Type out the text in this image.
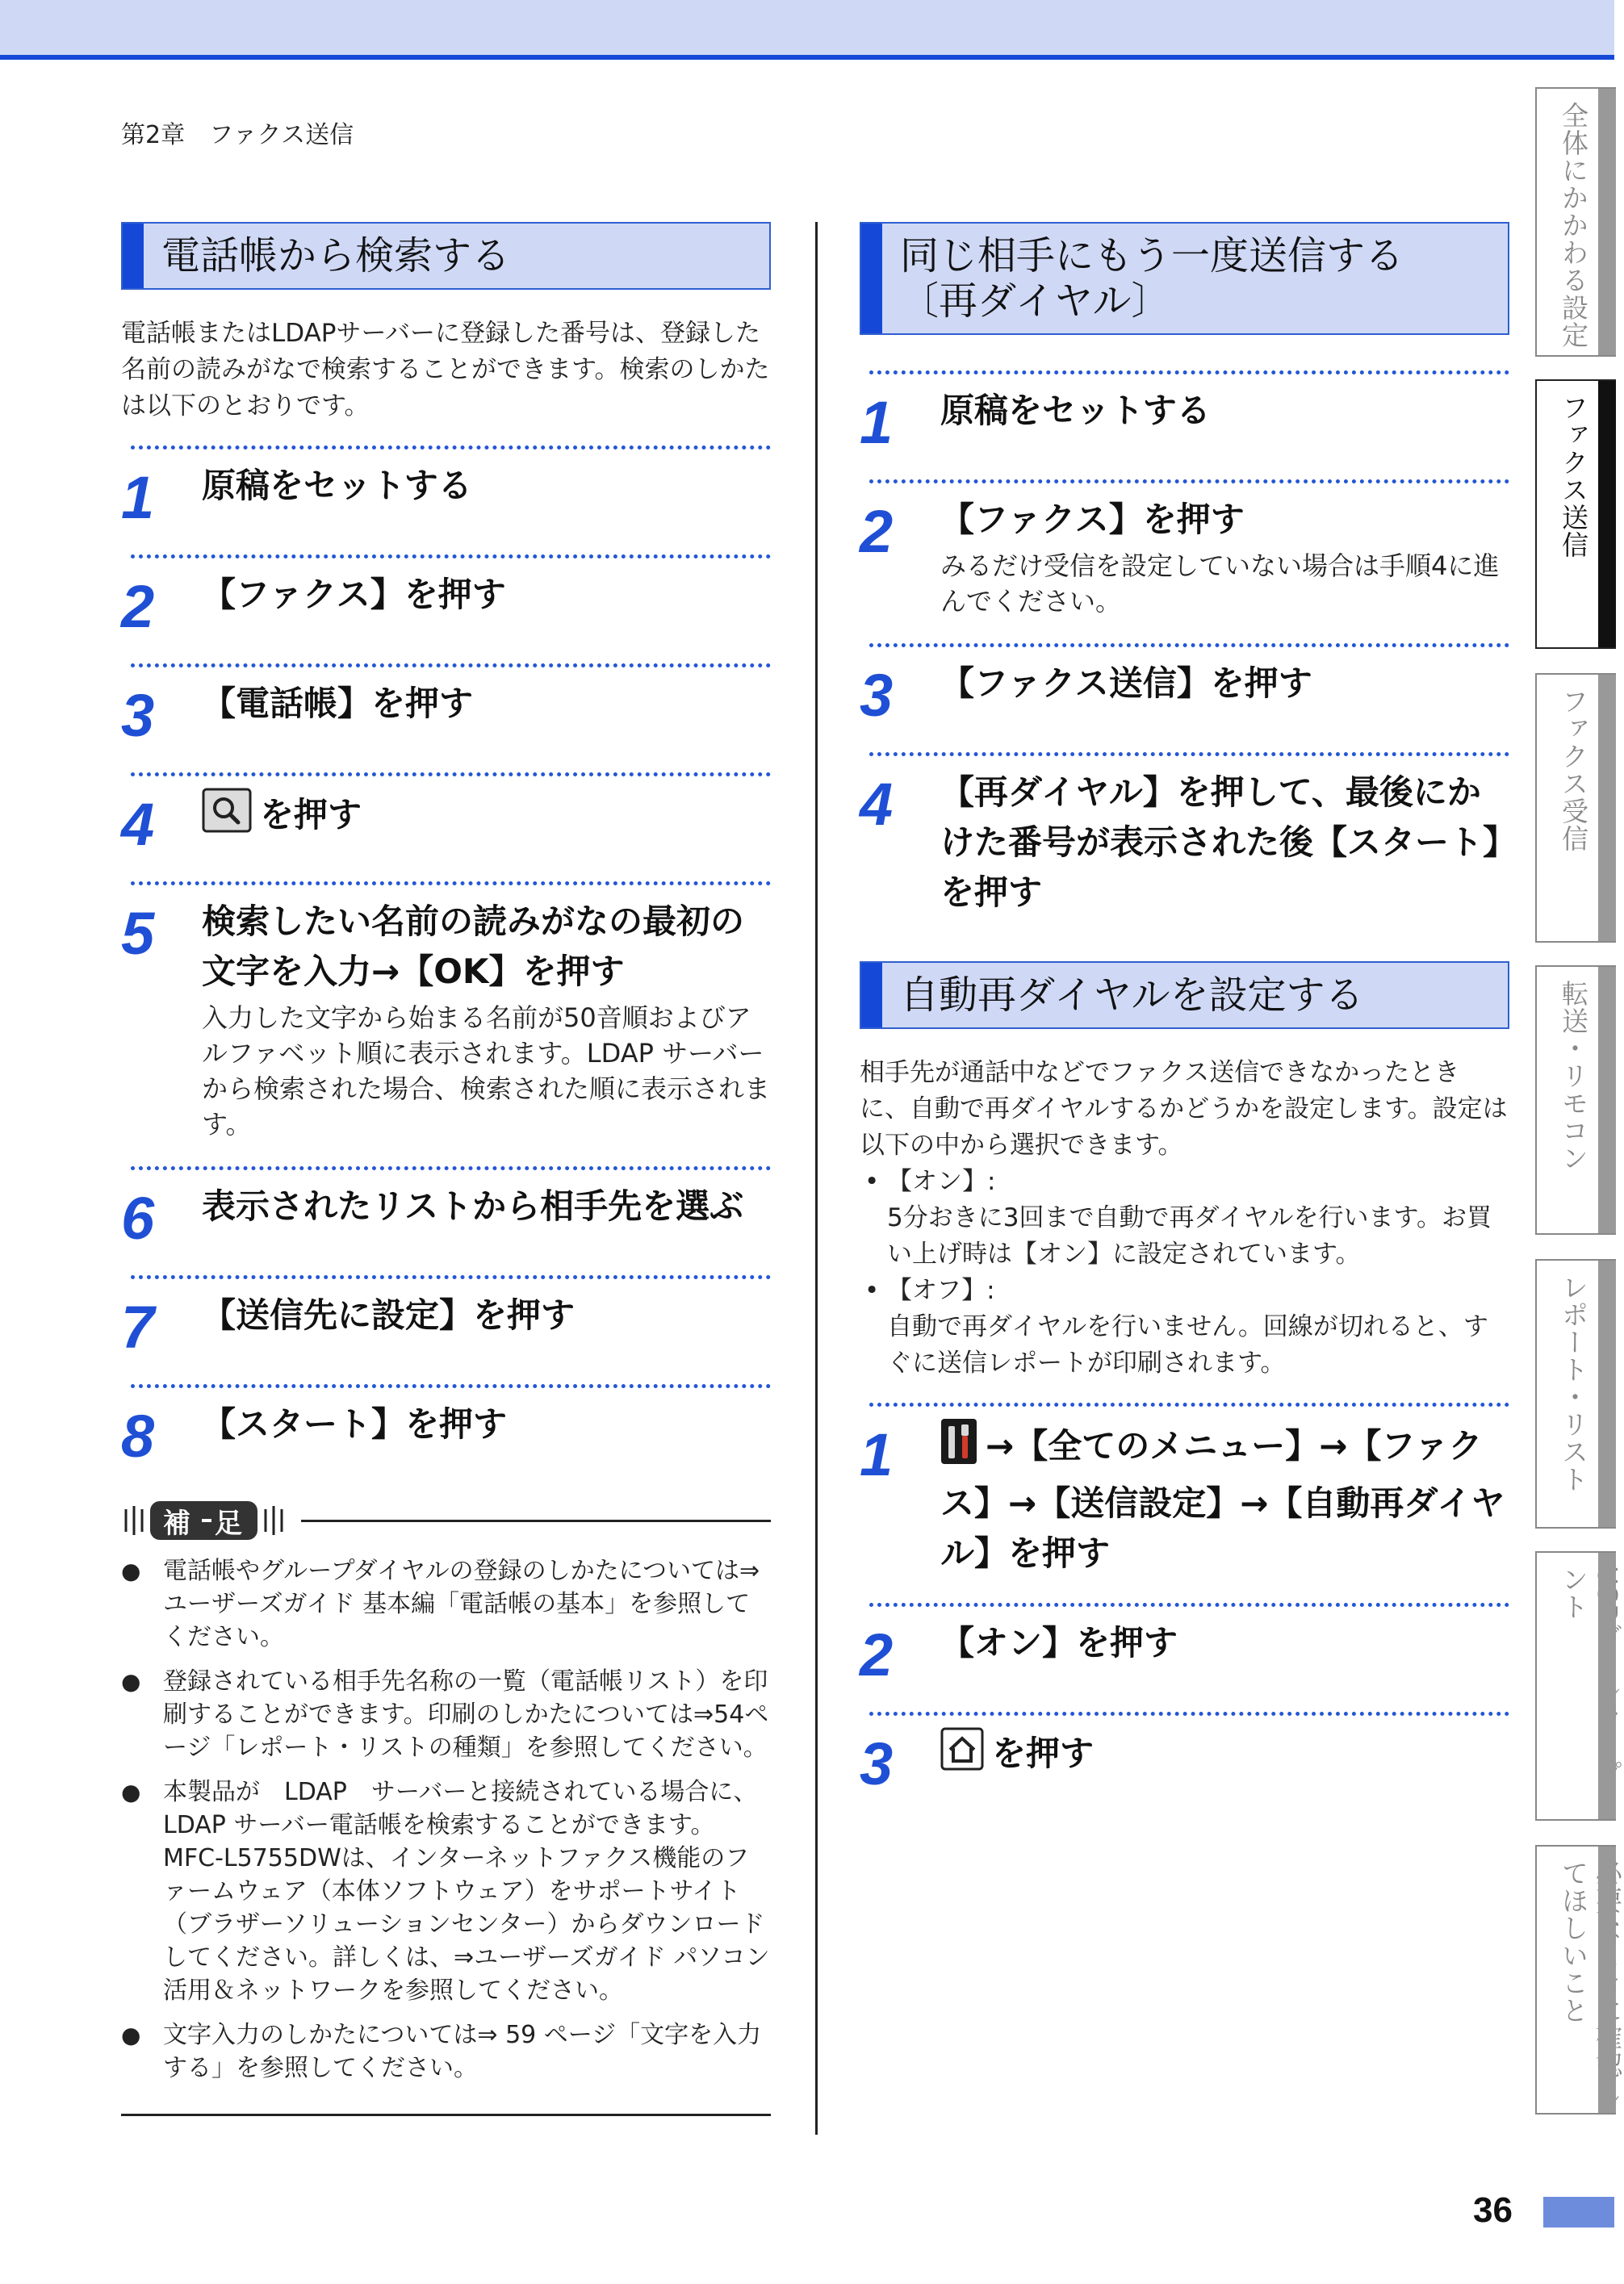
第2章　ファクス送信
電話帳から検索する
電話帳またはLDAPサーバーに登録した番号は、登録した名前の読みがなで検索することができます。検索のしかたは以下のとおりです。
1	原稿をセットする
2	【ファクス】を押す
3	【電話帳】を押す
4	を押す
5	検索したい名前の読みがなの最初の文字を入力→【OK】を押す
入力した文字から始まる名前が50音順およびアルファベット順に表示されます。LDAP サーバーから検索された場合、検索された順に表示されます。
6	表示されたリストから相手先を選ぶ
7	【送信先に設定】を押す
8	【スタート】を押す
補足
● 電話帳やグループダイヤルの登録のしかたについては⇒ユーザーズガイド 基本編「電話帳の基本」を参照してください。
● 登録されている相手先名称の一覧（電話帳リスト）を印刷することができます。印刷のしかたについては⇒54ページ「レポート・リストの種類」を参照してください。
● 本製品が　LDAP　サーバーと接続されている場合に、LDAP サーバー電話帳を検索することができます。MFC-L5755DWは、インターネットファクス機能のファームウェア（本体ソフトウェア）をサポートサイト（ブラザーソリューションセンター）からダウンロードしてください。詳しくは、⇒ユーザーズガイド パソコン活用＆ネットワークを参照してください。
● 文字入力のしかたについては⇒ 59 ページ「文字を入力する」を参照してください。
同じ相手にもう一度送信する
〔再ダイヤル〕
1	原稿をセットする
2	【ファクス】を押す
みるだけ受信を設定していない場合は手順4に進んでください。
3	【ファクス送信】を押す
4	【再ダイヤル】を押して、最後にかけた番号が表示された後【スタート】を押す
自動再ダイヤルを設定する
相手先が通話中などでファクス送信できなかったときに、自動で再ダイヤルするかどうかを設定します。設定は以下の中から選択できます。
• 【オン】:
5分おきに3回まで自動で再ダイヤルを行います。お買い上げ時は【オン】に設定されています。
• 【オフ】:
自動で再ダイヤルを行いません。回線が切れると、すぐに送信レポートが印刷されます。
1	→【全てのメニュー】→【ファクス】→【送信設定】→【自動再ダイヤル】を押す
2	【オン】を押す
3	を押す
全体にかかわる設定
ファクス送信
ファクス受信
転送・リモコン
レポート・リスト
ント
てほしいこと
36
